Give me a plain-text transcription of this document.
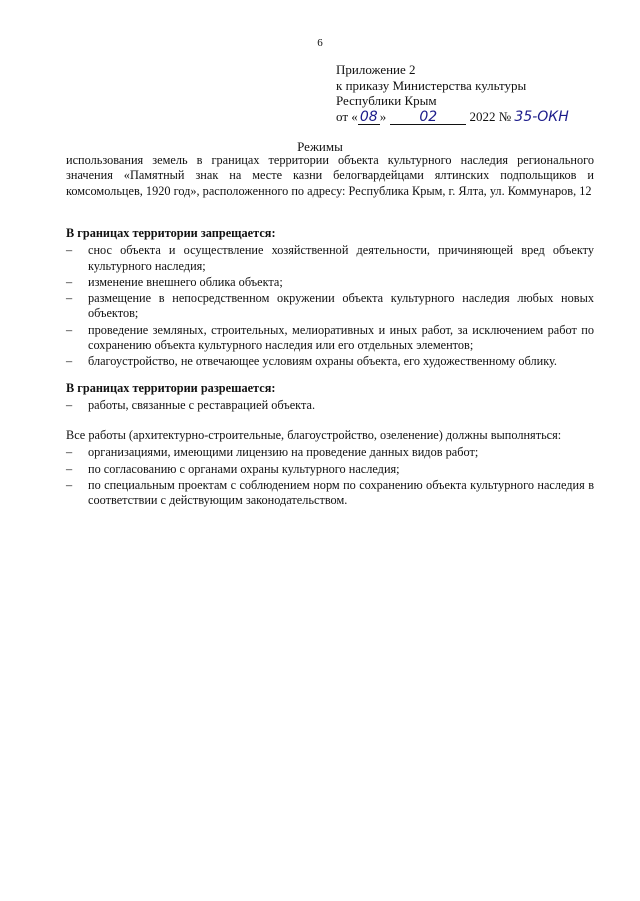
6
Приложение 2
к приказу Министерства культуры
Республики Крым
от « 08 » 02 2022 № 35-ОКН
Режимы
использования земель в границах территории объекта культурного наследия регионального значения «Памятный знак на месте казни белогвардейцами ялтинских подпольщиков и комсомольцев, 1920 год», расположенного по адресу: Республика Крым, г. Ялта, ул. Коммунаров, 12

В границах территории запрещается:

– снос объекта и осуществление хозяйственной деятельности, причиняющей вред объекту культурного наследия;
– изменение внешнего облика объекта;
– размещение в непосредственном окружении объекта культурного наследия любых новых объектов;
– проведение земляных, строительных, мелиоративных и иных работ, за исключением работ по сохранению объекта культурного наследия или его отдельных элементов;
– благоустройство, не отвечающее условиям охраны объекта, его художественному облику.

В границах территории разрешается:

– работы, связанные с реставрацией объекта.

Все работы (архитектурно-строительные, благоустройство, озеленение) должны выполняться:

– организациями, имеющими лицензию на проведение данных видов работ;
– по согласованию с органами охраны культурного наследия;
– по специальным проектам с соблюдением норм по сохранению объекта культурного наследия в соответствии с действующим законодательством.
